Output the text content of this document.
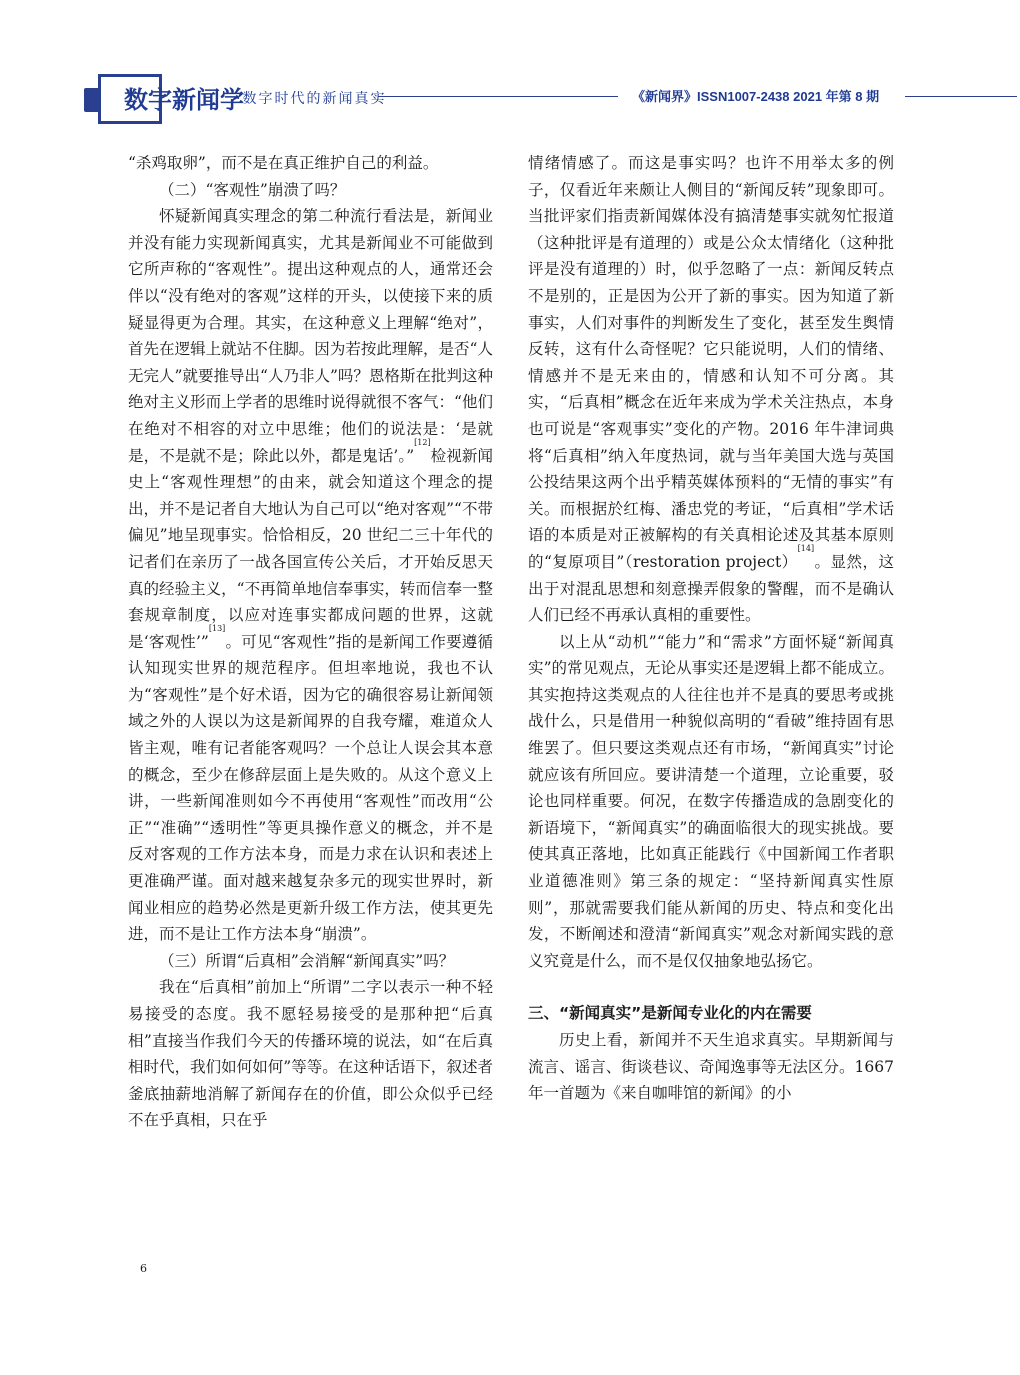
数字新闻学
·数字时代的新闻真实	《新闻界》ISSN1007-2438 2021 年第 8 期

“杀鸡取卵”，而不是在真正维护自己的利益。

（二）“客观性”崩溃了吗？

怀疑新闻真实理念的第二种流行看法是，新闻业并没有能力实现新闻真实，尤其是新闻业不可能做到它所声称的“客观性”。提出这种观点的人，通常还会伴以“没有绝对的客观”这样的开头，以使接下来的质疑显得更为合理。其实，在这种意义上理解“绝对”，首先在逻辑上就站不住脚。因为若按此理解，是否“人无完人”就要推导出“人乃非人”吗？恩格斯在批判这种绝对主义形而上学者的思维时说得就很不客气：“他们在绝对不相容的对立中思维；他们的说法是：‘是就是，不是就不是；除此以外，都是鬼话’。”[12]检视新闻史上“客观性理想”的由来，就会知道这个理念的提出，并不是记者自大地认为自己可以“绝对客观”“不带偏见”地呈现事实。恰恰相反，20 世纪二三十年代的记者们在亲历了一战各国宣传公关后，才开始反思天真的经验主义，“不再简单地信奉事实，转而信奉一整套规章制度，以应对连事实都成问题的世界，这就是‘客观性’”[13]。可见“客观性”指的是新闻工作要遵循认知现实世界的规范程序。但坦率地说，我也不认为“客观性”是个好术语，因为它的确很容易让新闻领域之外的人误以为这是新闻界的自我夸耀，难道众人皆主观，唯有记者能客观吗？一个总让人误会其本意的概念，至少在修辞层面上是失败的。从这个意义上讲，一些新闻准则如今不再使用“客观性”而改用“公正”“准确”“透明性”等更具操作意义的概念，并不是反对客观的工作方法本身，而是力求在认识和表述上更准确严谨。面对越来越复杂多元的现实世界时，新闻业相应的趋势必然是更新升级工作方法，使其更先进，而不是让工作方法本身“崩溃”。

（三）所谓“后真相”会消解“新闻真实”吗？

我在“后真相”前加上“所谓”二字以表示一种不轻易接受的态度。我不愿轻易接受的是那种把“后真相”直接当作我们今天的传播环境的说法，如“在后真相时代，我们如何如何”等等。在这种话语下，叙述者釜底抽薪地消解了新闻存在的价值，即公众似乎已经不在乎真相，只在乎

情绪情感了。而这是事实吗？也许不用举太多的例子，仅看近年来颇让人侧目的“新闻反转”现象即可。当批评家们指责新闻媒体没有搞清楚事实就匆忙报道（这种批评是有道理的）或是公众太情绪化（这种批评是没有道理的）时，似乎忽略了一点：新闻反转点不是别的，正是因为公开了新的事实。因为知道了新事实，人们对事件的判断发生了变化，甚至发生舆情反转，这有什么奇怪呢？它只能说明，人们的情绪、情感并不是无来由的，情感和认知不可分离。其实，“后真相”概念在近年来成为学术关注热点，本身也可说是“客观事实”变化的产物。2016 年牛津词典将“后真相”纳入年度热词，就与当年美国大选与英国公投结果这两个出乎精英媒体预料的“无情的事实”有关。而根据於红梅、潘忠党的考证，“后真相”学术话语的本质是对正被解构的有关真相论述及其基本原则的“复原项目”（restoration project）[14]。显然，这出于对混乱思想和刻意操弄假象的警醒，而不是确认人们已经不再承认真相的重要性。

以上从“动机”“能力”和“需求”方面怀疑“新闻真实”的常见观点，无论从事实还是逻辑上都不能成立。其实抱持这类观点的人往往也并不是真的要思考或挑战什么，只是借用一种貌似高明的“看破”维持固有思维罢了。但只要这类观点还有市场，“新闻真实”讨论就应该有所回应。要讲清楚一个道理，立论重要，驳论也同样重要。何况，在数字传播造成的急剧变化的新语境下，“新闻真实”的确面临很大的现实挑战。要使其真正落地，比如真正能践行《中国新闻工作者职业道德准则》第三条的规定：“坚持新闻真实性原则”，那就需要我们能从新闻的历史、特点和变化出发，不断阐述和澄清“新闻真实”观念对新闻实践的意义究竟是什么，而不是仅仅抽象地弘扬它。

三、“新闻真实”是新闻专业化的内在需要

历史上看，新闻并不天生追求真实。早期新闻与流言、谣言、街谈巷议、奇闻逸事等无法区分。1667 年一首题为《来自咖啡馆的新闻》的小

6
